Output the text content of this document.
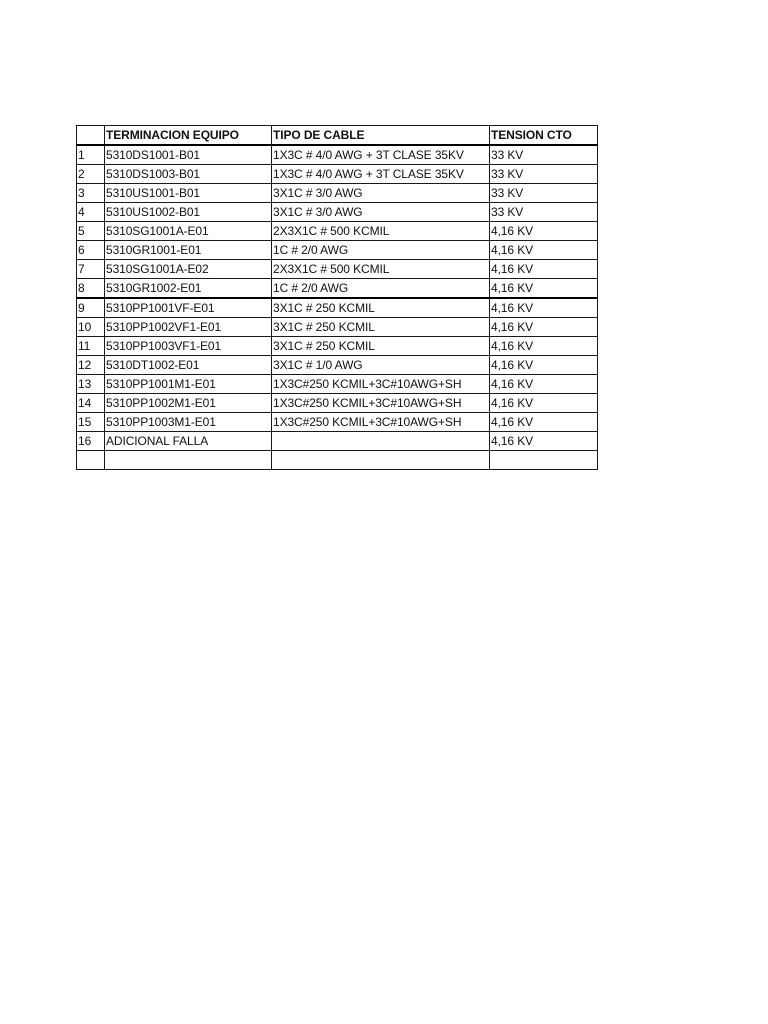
	TERMINACION EQUIPO	TIPO DE CABLE	TENSION CTO
1	5310DS1001-B01	1X3C # 4/0 AWG + 3T CLASE 35KV	33 KV
2	5310DS1003-B01	1X3C # 4/0 AWG + 3T CLASE 35KV	33 KV
3	5310US1001-B01	3X1C # 3/0 AWG	33 KV
4	5310US1002-B01	3X1C # 3/0 AWG	33 KV
5	5310SG1001A-E01	2X3X1C # 500 KCMIL	4,16 KV
6	5310GR1001-E01	1C # 2/0 AWG	4,16 KV
7	5310SG1001A-E02	2X3X1C # 500 KCMIL	4,16 KV
8	5310GR1002-E01	1C # 2/0 AWG	4,16 KV
9	5310PP1001VF-E01	3X1C # 250 KCMIL	4,16 KV
10	5310PP1002VF1-E01	3X1C # 250 KCMIL	4,16 KV
11	5310PP1003VF1-E01	3X1C # 250 KCMIL	4,16 KV
12	5310DT1002-E01	3X1C # 1/0 AWG	4,16 KV
13	5310PP1001M1-E01	1X3C#250 KCMIL+3C#10AWG+SH	4,16 KV
14	5310PP1002M1-E01	1X3C#250 KCMIL+3C#10AWG+SH	4,16 KV
15	5310PP1003M1-E01	1X3C#250 KCMIL+3C#10AWG+SH	4,16 KV
16	ADICIONAL FALLA		4,16 KV
